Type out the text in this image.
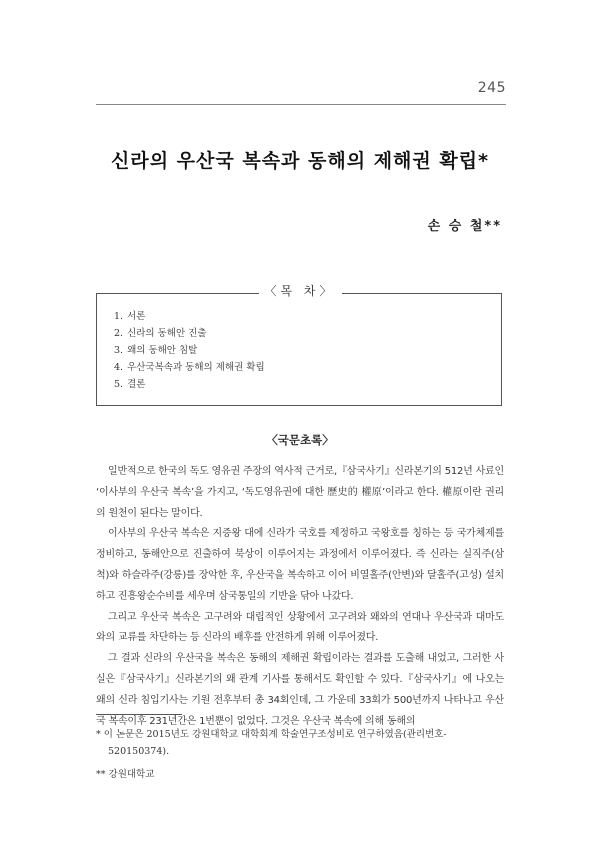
245
신라의 우산국 복속과 동해의 제해권 확립*
손 승 철**
〈목 차〉
1. 서론
2. 신라의 동해안 진출
3. 왜의 동해안 침탈
4. 우산국복속과 동해의 제해권 확립
5. 결론
〈국문초록〉

일반적으로 한국의 독도 영유권 주장의 역사적 근거로,『삼국사기』신라본기의 512년 사료인 ‘이사부의 우산국 복속’을 가지고, ‘독도영유권에 대한 歷史的 權原’이라고 한다. 權原이란 권리의 원천이 된다는 말이다.

이사부의 우산국 복속은 지증왕 대에 신라가 국호를 제정하고 국왕호를 칭하는 등 국가체제를 정비하고, 동해안으로 진출하여 북상이 이루어지는 과정에서 이루어졌다. 즉 신라는 실직주(삼척)와 하슬라주(강릉)를 장악한 후, 우산국을 복속하고 이어 비열홀주(안변)와 달홀주(고성) 설치하고 진흥왕순수비를 세우며 삼국통일의 기반을 닦아 나갔다.

그리고 우산국 복속은 고구려와 대립적인 상황에서 고구려와 왜와의 연대나 우산국과 대마도와의 교류를 차단하는 등 신라의 배후를 안전하게 위해 이루어졌다.

그 결과 신라의 우산국을 복속은 동해의 제해권 확립이라는 결과를 도출해 내었고, 그러한 사실은『삼국사기』신라본기의 왜 관계 기사를 통해서도 확인할 수 있다.『삼국사기』에 나오는 왜의 신라 침입기사는 기원 전후부터 총 34회인데, 그 가운데 33회가 500년까지 나타나고 우산국 복속이후 231년간은 1번뿐이 없었다. 그것은 우산국 복속에 의해 동해의

* 이 논문은 2015년도 강원대학교 대학회계 학술연구조성비로 연구하였음(관리번호- 520150374).

** 강원대학교
